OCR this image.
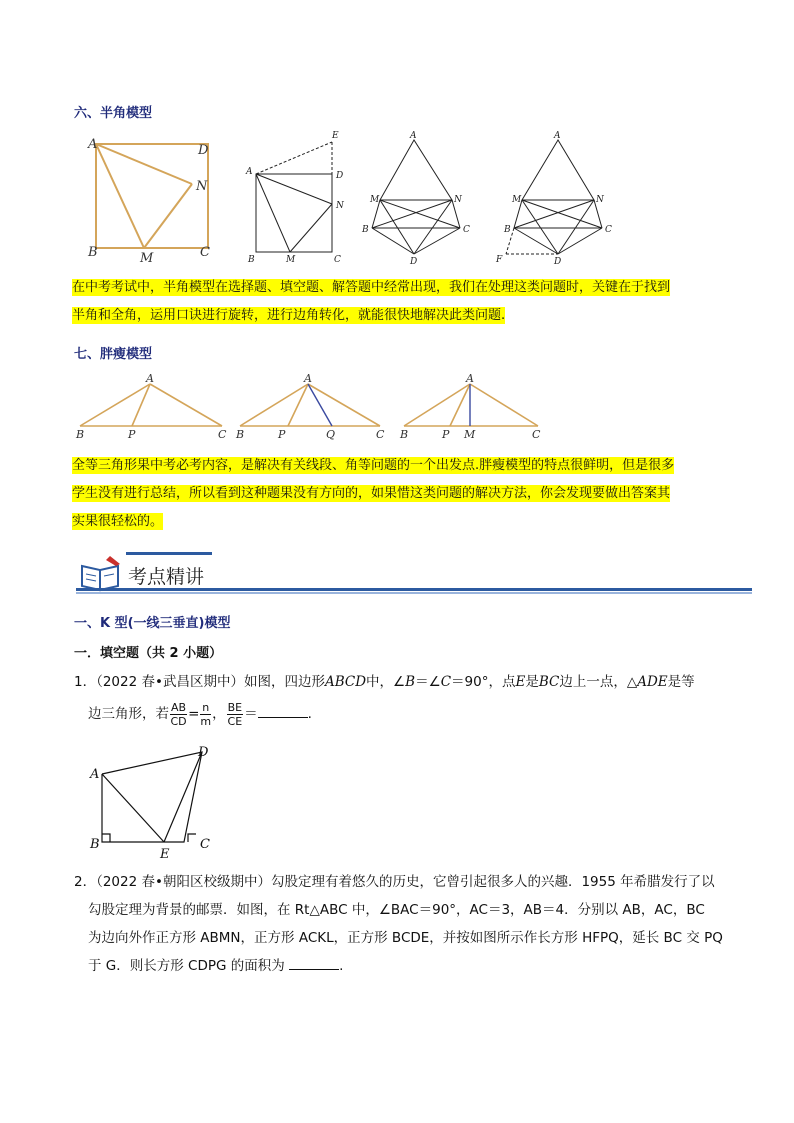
六、半角模型
A	D
N
B	M	C
E
A	D
N
B	M	C
A
M	N
B	C
D
A
M	N
B	C
F	D
在中考考试中，半角模型在选择题、填空题、解答题中经常出现，我们在处理这类问题时，关键在于找到
半角和全角，运用口诀进行旋转，进行边角转化，就能很快地解决此类问题.
七、胖瘦模型
A
B	P	C
A
B	P	Q	C
A
B	P M	C
全等三角形果中考必考内容，是解决有关线段、角等问题的一个出发点.胖瘦模型的特点很鲜明，但是很多
学生没有进行总结，所以看到这种题果没有方向的，如果惜这类问题的解决方法，你会发现要做出答案其
实果很轻松的。
考点精讲
一、K 型(一线三垂直)模型
一．填空题（共 2 小题）
1．（2022 春•武昌区期中）如图，四边形ABCD中，∠B＝∠C＝90°，点E是BC边上一点，△ADE是等
边三角形，若 $\frac{AB}{CD} = \frac{n}{m}$ ， $\frac{BE}{CE}$ ＝	.
A
D
B
E
C
2．（2022 春•朝阳区校级期中）勾股定理有着悠久的历史，它曾引起很多人的兴趣．1955 年希腊发行了以
勾股定理为背景的邮票．如图，在 Rt△ABC 中，∠BAC＝90°，AC＝3，AB＝4．分别以 AB，AC，BC
为边向外作正方形 ABMN，正方形 ACKL，正方形 BCDE，并按如图所示作长方形 HFPQ，延长 BC 交 PQ
于 G．则长方形 CDPG 的面积为	.
